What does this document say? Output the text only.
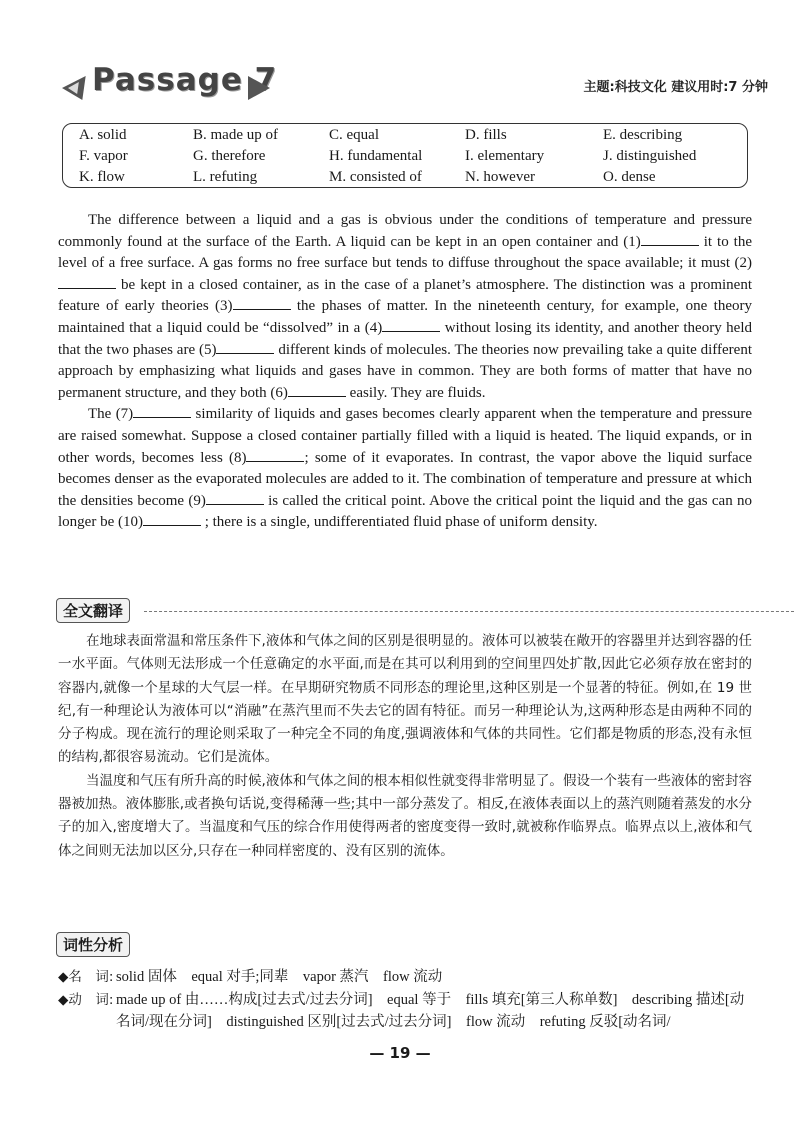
Passage 7	主题:科技文化 建议用时:7 分钟
A. solid	B. made up of	C. equal	D. fills	E. describing
F. vapor	G. therefore	H. fundamental	I. elementary	J. distinguished
K. flow	L. refuting	M. consisted of	N. however	O. dense

The difference between a liquid and a gas is obvious under the conditions of temperature and pressure commonly found at the surface of the Earth. A liquid can be kept in an open container and (1)	it to the level of a free surface. A gas forms no free surface but tends to diffuse throughout the space available; it must (2) be kept in a closed container, as in the case of a planet’s atmosphere. The distinction was a prominent feature of early theories (3)	the phases of matter. In the nineteenth century, for example, one theory maintained that a liquid could be “dissolved” in a (4)	without losing its identity, and another theory held that the two phases are (5)	different kinds of molecules. The theories now prevailing take a quite different approach by emphasizing what liquids and gases have in common. They are both forms of matter that have no permanent structure, and they both (6)	easily. They are fluids.

The (7)	similarity of liquids and gases becomes clearly apparent when the temperature and pressure are raised somewhat. Suppose a closed container partially filled with a liquid is heated. The liquid expands, or in other words, becomes less (8)	; some of it evaporates. In contrast, the vapor above the liquid surface becomes denser as the evaporated molecules are added to it. The combination of temperature and pressure at which the densities become (9)	is called the critical point. Above the critical point the liquid and the gas can no longer be (10)	; there is a single, undifferentiated fluid phase of uniform density.

全文翻译

在地球表面常温和常压条件下,液体和气体之间的区别是很明显的。液体可以被装在敞开的容器里并达到容器的任一水平面。气体则无法形成一个任意确定的水平面,而是在其可以利用到的空间里四处扩散,因此它必须存放在密封的容器内,就像一个星球的大气层一样。在早期研究物质不同形态的理论里,这种区别是一个显著的特征。例如,在 19 世纪,有一种理论认为液体可以“消融”在蒸汽里而不失去它的固有特征。而另一种理论认为,这两种形态是由两种不同的分子构成。现在流行的理论则采取了一种完全不同的角度,强调液体和气体的共同性。它们都是物质的形态,没有永恒的结构,都很容易流动。它们是流体。

当温度和气压有所升高的时候,液体和气体之间的根本相似性就变得非常明显了。假设一个装有一些液体的密封容器被加热。液体膨胀,或者换句话说,变得稀薄一些;其中一部分蒸发了。相反,在液体表面以上的蒸汽则随着蒸发的水分子的加入,密度增大了。当温度和气压的综合作用使得两者的密度变得一致时,就被称作临界点。临界点以上,液体和气体之间则无法加以区分,只存在一种同样密度的、没有区别的流体。

词性分析
◆名　词: solid 固体　equal 对手;同辈　vapor 蒸汽　flow 流动
◆动　词: made up of 由……构成[过去式/过去分词]　equal 等于　fills 填充[第三人称单数]　describing 描述[动名词/现在分词]　distinguished 区别[过去式/过去分词]　flow 流动　refuting 反驳[动名词/
— 19 —
